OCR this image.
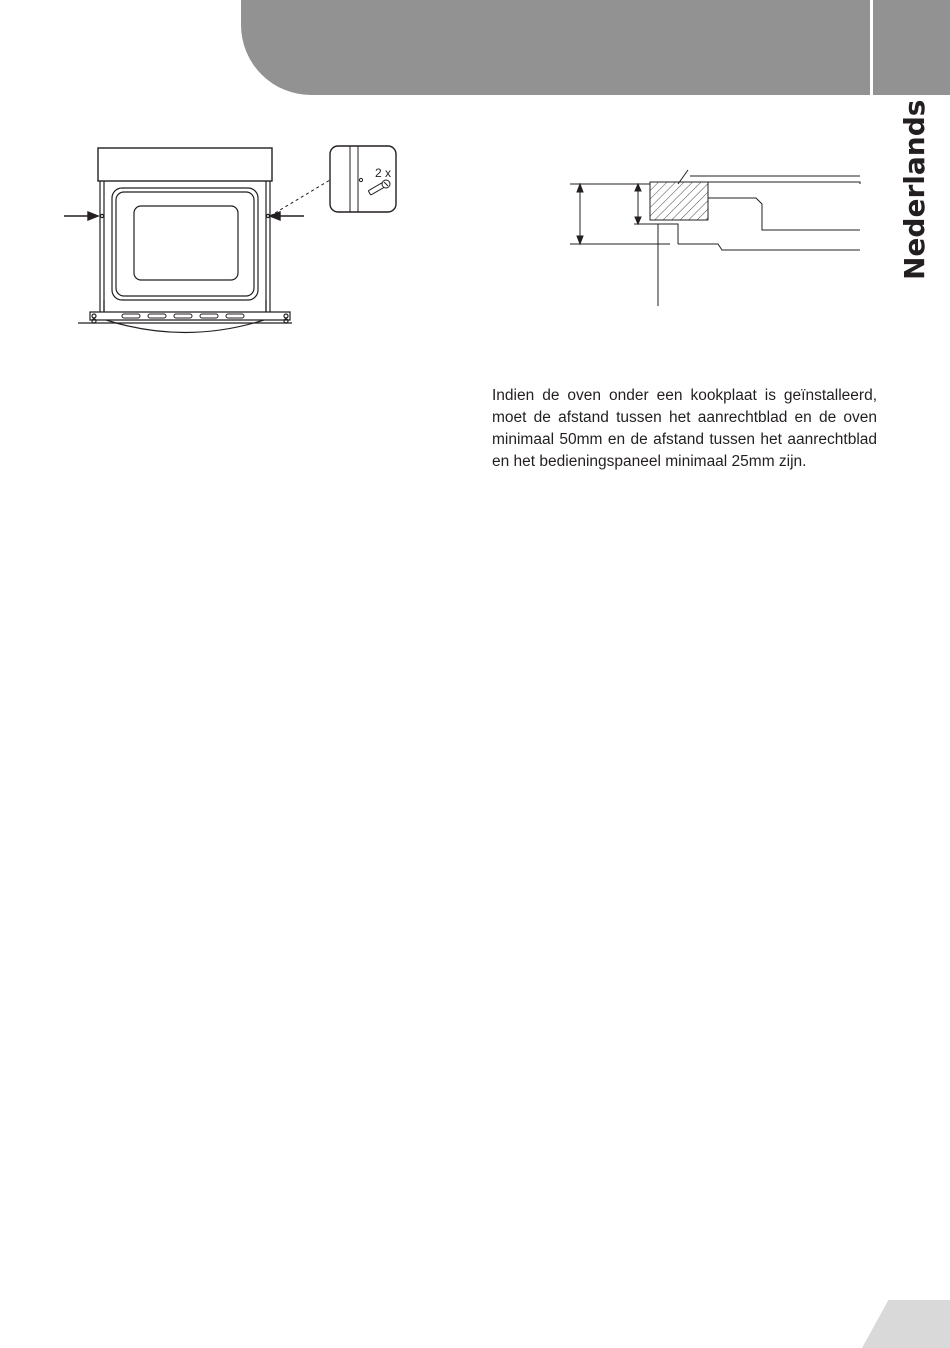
Nederlands
2 x
Indien de oven onder een kookplaat is geïnstalleerd, moet de afstand tussen het aanrechtblad en de oven minimaal 50mm en de afstand tussen het aanrechtblad en het bedieningspaneel minimaal 25mm zijn.
